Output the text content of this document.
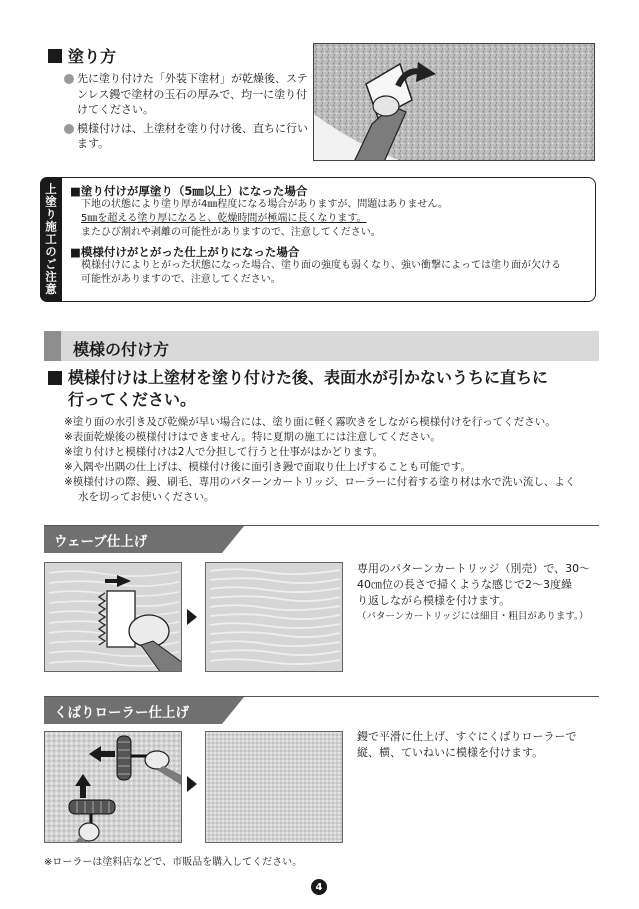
塗り方
先に塗り付けた「外装下塗材」が乾燥後、ステンレス鏝で塗材の玉石の厚みで、均一に塗り付けてください。
模様付けは、上塗材を塗り付け後、直ちに行います。
上塗り施工のご注意	■塗り付けが厚塗り（5㎜以上）になった場合
下地の状態により塗り厚が4㎜程度になる場合がありますが、問題はありません。
5㎜を超える塗り厚になると、乾燥時間が極端に長くなります。
またひび割れや剥離の可能性がありますので、注意してください。
■模様付けがとがった仕上がりになった場合
模様付けによりとがった状態になった場合、塗り面の強度も弱くなり、強い衝撃によっては塗り面が欠ける
可能性がありますので、注意してください。
模様の付け方
模様付けは上塗材を塗り付けた後、表面水が引かないうちに直ちに
行ってください。
※塗り面の水引き及び乾燥が早い場合には、塗り面に軽く霧吹きをしながら模様付けを行ってください。
※表面乾燥後の模様付けはできません。特に夏期の施工には注意してください。
※塗り付けと模様付けは2人で分担して行うと仕事がはかどります。
※入隅や出隅の仕上げは、模様付け後に面引き鏝で面取り仕上げすることも可能です。
※模様付けの際、鏝、刷毛、専用のパターンカートリッジ、ローラーに付着する塗り材は水で洗い流し、よく
水を切ってお使いください。
ウェーブ仕上げ
専用のパターンカートリッジ（別売）で、30〜
40㎝位の長さで掃くような感じで2〜3度繰
り返しながら模様を付けます。
（パターンカートリッジには細目・粗目があります。）
くばりローラー仕上げ
鏝で平滑に仕上げ、すぐにくばりローラーで
縦、横、ていねいに模様を付けます。
※ローラーは塗料店などで、市販品を購入してください。
4
